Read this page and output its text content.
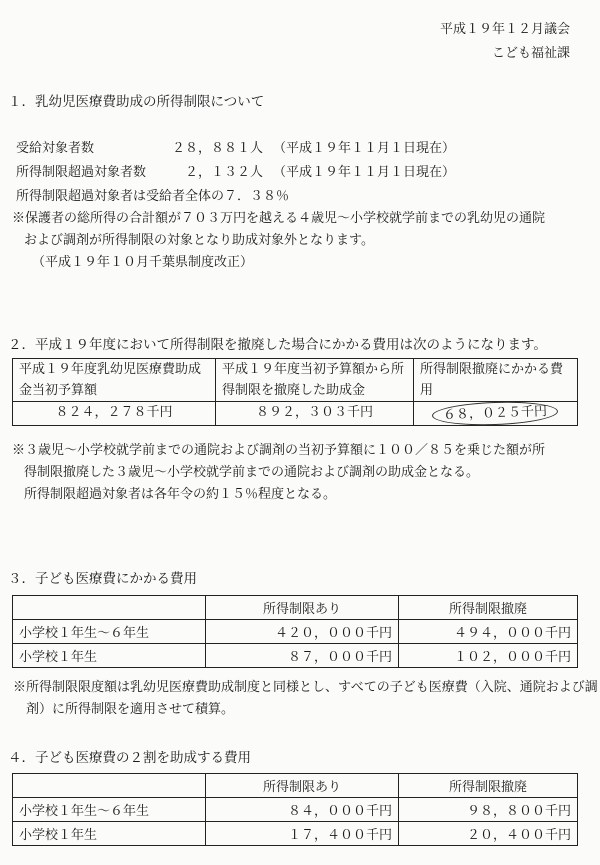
平成１９年１２月議会
こども福祉課
１．乳幼児医療費助成の所得制限について
受給対象者数	２８，８８１人 （平成１９年１１月１日現在）
所得制限超過対象者数	２，１３２人 （平成１９年１１月１日現在）
所得制限超過対象者は受給者全体の７．３８％
※保護者の総所得の合計額が７０３万円を越える４歳児～小学校就学前までの乳幼児の通院
および調剤が所得制限の対象となり助成対象外となります。
（平成１９年１０月千葉県制度改正）
２．平成１９年度において所得制限を撤廃した場合にかかる費用は次のようになります。
平成１９年度乳幼児医療費助成金当初予算額	平成１９年度当初予算額から所得制限を撤廃した助成金	所得制限撤廃にかかる費用
８２４，２７８千円	８９２，３０３千円	６８，０２５千円
※３歳児～小学校就学前までの通院および調剤の当初予算額に１００／８５を乗じた額が所
得制限撤廃した３歳児～小学校就学前までの通院および調剤の助成金となる。
所得制限超過対象者は各年令の約１５％程度となる。
３．子ども医療費にかかる費用
	所得制限あり	所得制限撤廃
小学校１年生～６年生	４２０，０００千円	４９４，０００千円
小学校１年生	８７，０００千円	１０２，０００千円
※所得制限限度額は乳幼児医療費助成制度と同様とし、すべての子ども医療費（入院、通院および調剤）に所得制限を適用させて積算。
４．子ども医療費の２割を助成する費用
	所得制限あり	所得制限撤廃
小学校１年生～６年生	８４，０００千円	９８，８００千円
小学校１年生	１７，４００千円	２０，４００千円
